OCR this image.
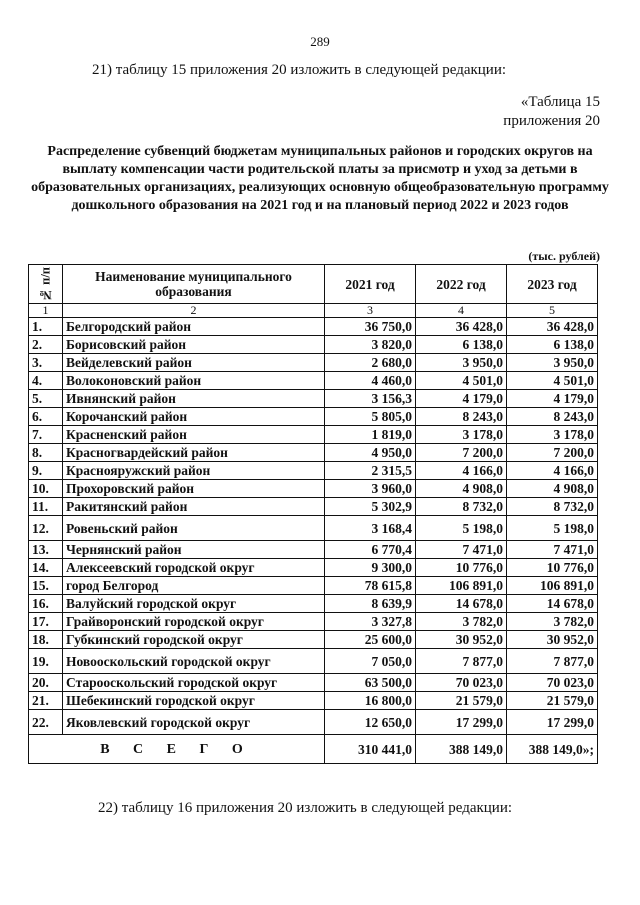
289
21) таблицу 15 приложения 20 изложить в следующей редакции:
«Таблица 15
приложения 20
Распределение субвенций бюджетам муниципальных районов и городских округов на выплату компенсации части родительской платы за присмотр и уход за детьми в образовательных организациях, реализующих основную общеобразовательную программу дошкольного образования на 2021 год и на плановый период 2022 и 2023 годов
(тыс. рублей)
№ п/п	Наименование муниципального образования	2021 год	2022 год	2023 год
1	2	3	4	5
1.	Белгородский район	36 750,0	36 428,0	36 428,0
2.	Борисовский район	3 820,0	6 138,0	6 138,0
3.	Вейделевский район	2 680,0	3 950,0	3 950,0
4.	Волоконовский район	4 460,0	4 501,0	4 501,0
5.	Ивнянский район	3 156,3	4 179,0	4 179,0
6.	Корочанский район	5 805,0	8 243,0	8 243,0
7.	Красненский район	1 819,0	3 178,0	3 178,0
8.	Красногвардейский район	4 950,0	7 200,0	7 200,0
9.	Краснояружский район	2 315,5	4 166,0	4 166,0
10.	Прохоровский район	3 960,0	4 908,0	4 908,0
11.	Ракитянский район	5 302,9	8 732,0	8 732,0
12.	Ровеньский район	3 168,4	5 198,0	5 198,0
13.	Чернянский район	6 770,4	7 471,0	7 471,0
14.	Алексеевский городской округ	9 300,0	10 776,0	10 776,0
15.	город Белгород	78 615,8	106 891,0	106 891,0
16.	Валуйский городской округ	8 639,9	14 678,0	14 678,0
17.	Грайворонский городской округ	3 327,8	3 782,0	3 782,0
18.	Губкинский городской округ	25 600,0	30 952,0	30 952,0
19.	Новооскольский городской округ	7 050,0	7 877,0	7 877,0
20.	Старооскольский городской округ	63 500,0	70 023,0	70 023,0
21.	Шебекинский городской округ	16 800,0	21 579,0	21 579,0
22.	Яковлевский городской округ	12 650,0	17 299,0	17 299,0
В С Е Г О		310 441,0	388 149,0	388 149,0»;
22) таблицу 16 приложения 20 изложить в следующей редакции:
